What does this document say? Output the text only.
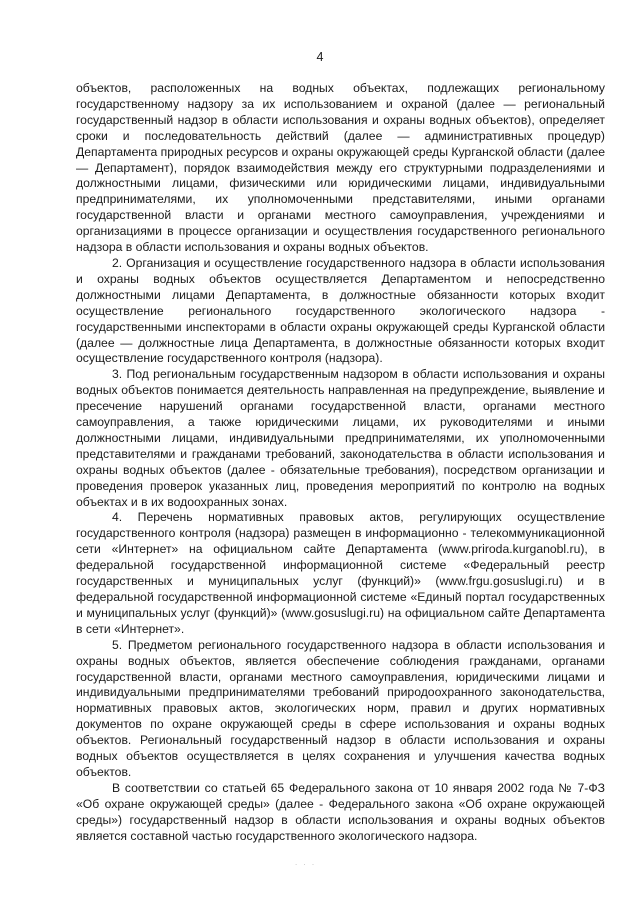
4

объектов, расположенных на водных объектах, подлежащих региональному государственному надзору за их использованием и охраной (далее — региональный государственный надзор в области использования и охраны водных объектов), определяет сроки и последовательность действий (далее — административных процедур) Департамента природных ресурсов и охраны окружающей среды Курганской области (далее — Департамент), порядок взаимодействия между его структурными подразделениями и должностными лицами, физическими или юридическими лицами, индивидуальными предпринимателями, их уполномоченными представителями, иными органами государственной власти и органами местного самоуправления, учреждениями и организациями в процессе организации и осуществления государственного регионального надзора в области использования и охраны водных объектов.

2. Организация и осуществление государственного надзора в области использования и охраны водных объектов осуществляется Департаментом и непосредственно должностными лицами Департамента, в должностные обязанности которых входит осуществление регионального государственного экологического надзора - государственными инспекторами в области охраны окружающей среды Курганской области (далее — должностные лица Департамента, в должностные обязанности которых входит осуществление государственного контроля (надзора).

3. Под региональным государственным надзором в области использования и охраны водных объектов понимается деятельность направленная на предупреждение, выявление и пресечение нарушений органами государственной власти, органами местного самоуправления, а также юридическими лицами, их руководителями и иными должностными лицами, индивидуальными предпринимателями, их уполномоченными представителями и гражданами требований, законодательства в области использования и охраны водных объектов (далее - обязательные требования), посредством организации и проведения проверок указанных лиц, проведения мероприятий по контролю на водных объектах и в их водоохранных зонах.

4. Перечень нормативных правовых актов, регулирующих осуществление государственного контроля (надзора) размещен в информационно - телекоммуникационной сети «Интернет» на официальном сайте Департамента (www.priroda.kurganobl.ru), в федеральной государственной информационной системе «Федеральный реестр государственных и муниципальных услуг (функций)» (www.frgu.gosuslugi.ru) и в федеральной государственной информационной системе «Единый портал государственных и муниципальных услуг (функций)» (www.gosuslugi.ru) на официальном сайте Департамента в сети «Интернет».

5. Предметом регионального государственного надзора в области использования и охраны водных объектов, является обеспечение соблюдения гражданами, органами государственной власти, органами местного самоуправления, юридическими лицами и индивидуальными предпринимателями требований природоохранного законодательства, нормативных правовых актов, экологических норм, правил и других нормативных документов по охране окружающей среды в сфере использования и охраны водных объектов. Региональный государственный надзор в области использования и охраны водных объектов осуществляется в целях сохранения и улучшения качества водных объектов.

В соответствии со статьей 65 Федерального закона от 10 января 2002 года № 7-ФЗ «Об охране окружающей среды» (далее - Федерального закона «Об охране окружающей среды») государственный надзор в области использования и охраны водных объектов является составной частью государственного экологического надзора.

. . .
